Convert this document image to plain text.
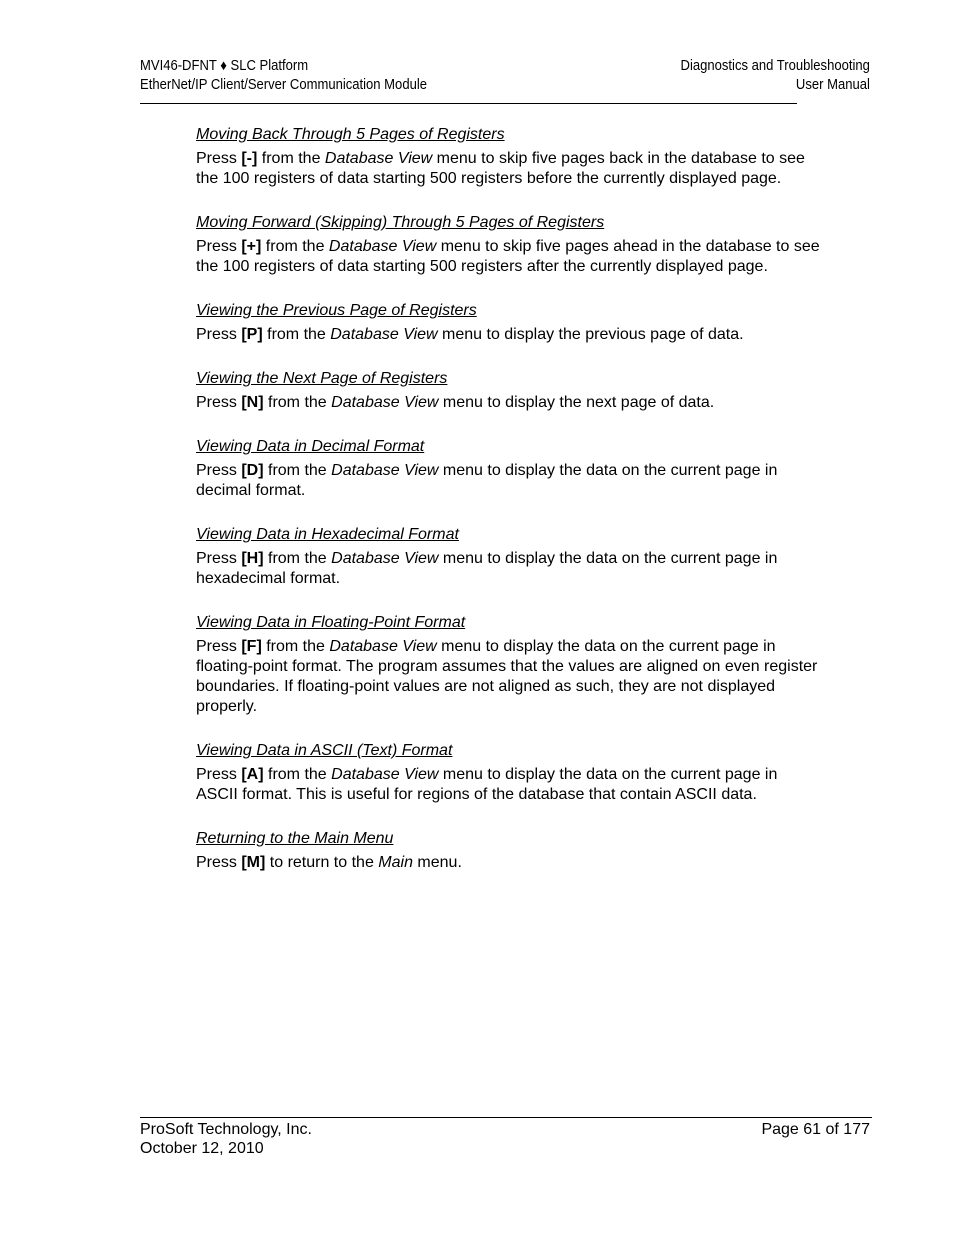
MVI46-DFNT ♦ SLC Platform
EtherNet/IP Client/Server Communication Module
Diagnostics and Troubleshooting
User Manual
Moving Back Through 5 Pages of Registers

Press [-] from the Database View menu to skip five pages back in the database to see the 100 registers of data starting 500 registers before the currently displayed page.

Moving Forward (Skipping) Through 5 Pages of Registers

Press [+] from the Database View menu to skip five pages ahead in the database to see the 100 registers of data starting 500 registers after the currently displayed page.

Viewing the Previous Page of Registers

Press [P] from the Database View menu to display the previous page of data.

Viewing the Next Page of Registers

Press [N] from the Database View menu to display the next page of data.

Viewing Data in Decimal Format

Press [D] from the Database View menu to display the data on the current page in decimal format.

Viewing Data in Hexadecimal Format

Press [H] from the Database View menu to display the data on the current page in hexadecimal format.

Viewing Data in Floating-Point Format

Press [F] from the Database View menu to display the data on the current page in floating-point format. The program assumes that the values are aligned on even register boundaries. If floating-point values are not aligned as such, they are not displayed properly.

Viewing Data in ASCII (Text) Format

Press [A] from the Database View menu to display the data on the current page in ASCII format. This is useful for regions of the database that contain ASCII data.

Returning to the Main Menu

Press [M] to return to the Main menu.

ProSoft Technology, Inc.
October 12, 2010
Page 61 of 177
